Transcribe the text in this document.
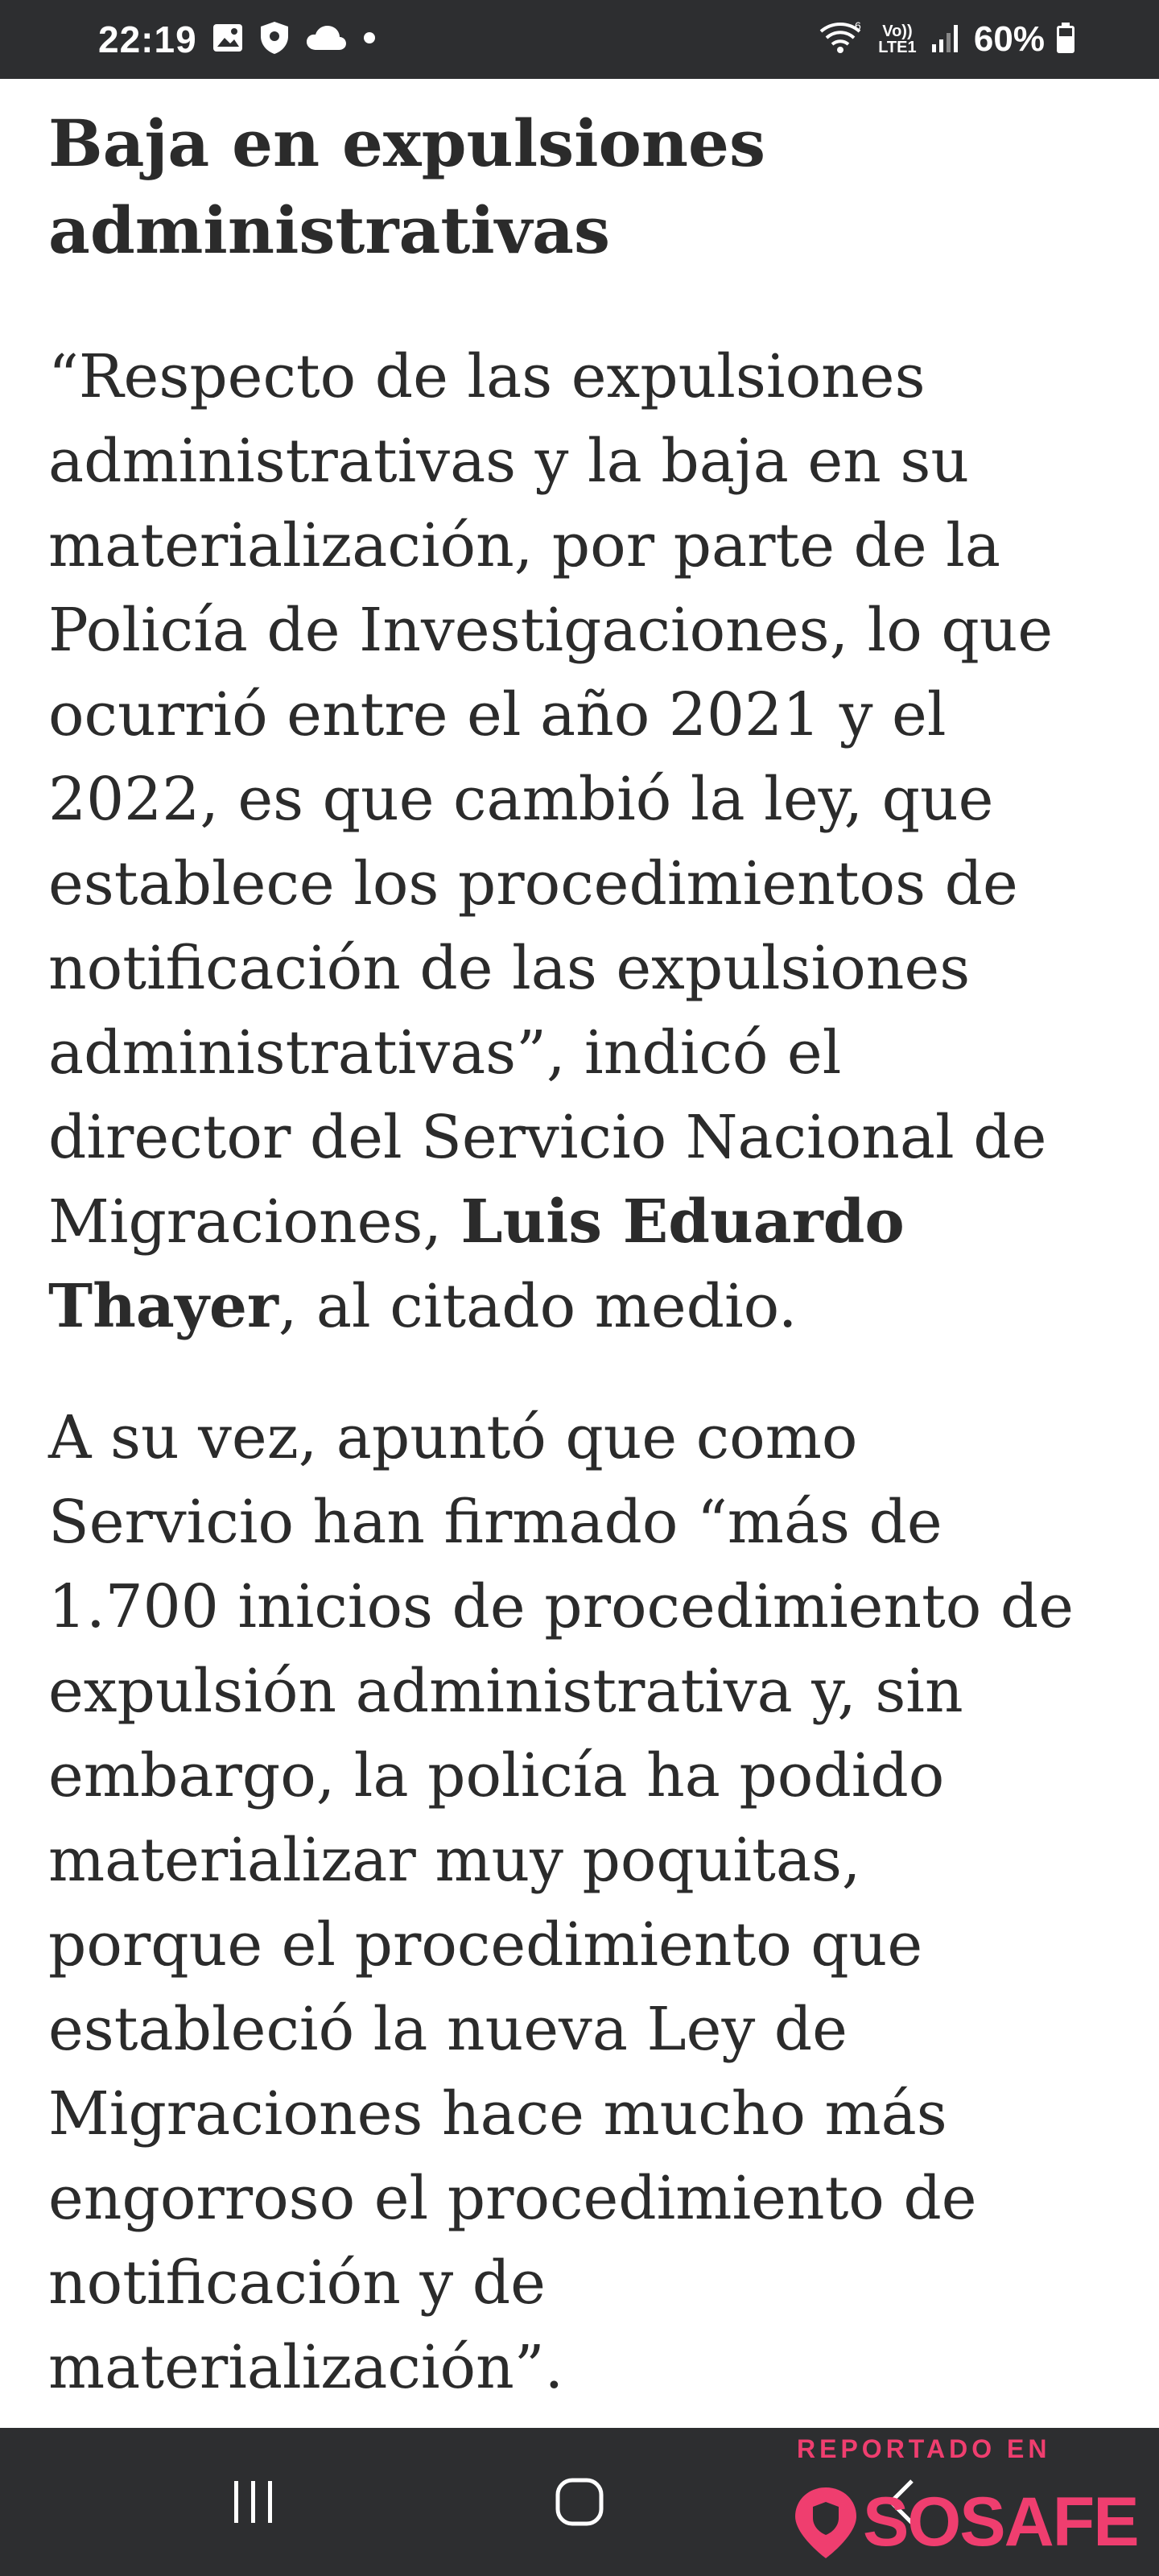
22:19	6	Vo)) LTE1 60%
Baja en expulsiones
administrativas
“Respecto de las expulsiones
administrativas y la baja en su
materialización, por parte de la
Policía de Investigaciones, lo que
ocurrió entre el año 2021 y el
2022, es que cambió la ley, que
establece los procedimientos de
notificación de las expulsiones
administrativas”, indicó el
director del Servicio Nacional de
Migraciones, Luis Eduardo
Thayer, al citado medio.
A su vez, apuntó que como
Servicio han firmado “más de
1.700 inicios de procedimiento de
expulsión administrativa y, sin
embargo, la policía ha podido
materializar muy poquitas,
porque el procedimiento que
estableció la nueva Ley de
Migraciones hace mucho más
engorroso el procedimiento de
notificación y de
materialización”.
REPORTADO EN
SOSAFE
